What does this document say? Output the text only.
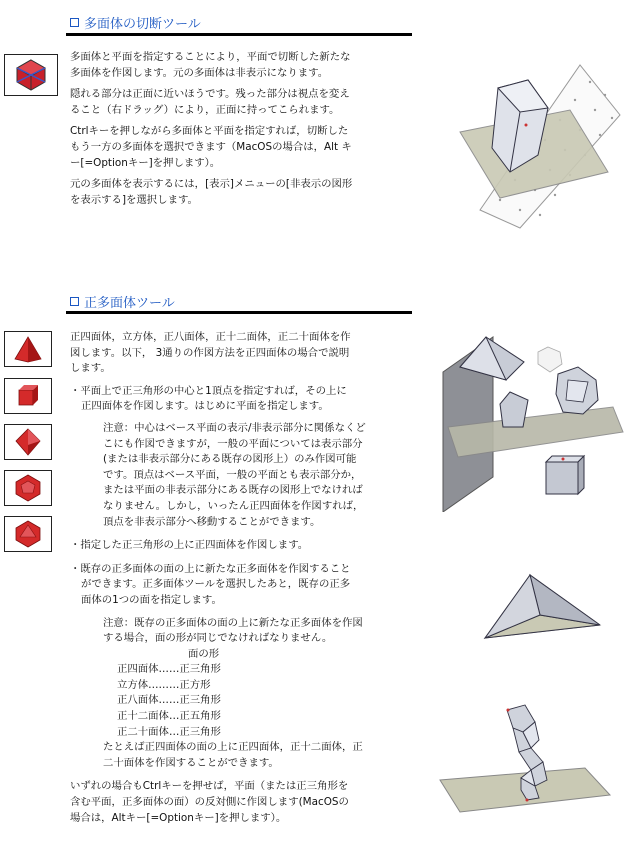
多面体の切断ツール

多面体と平面を指定することにより，平面で切断した新たな

多面体を作図します。元の多面体は非表示になります。

隠れる部分は正面に近いほうです。残った部分は視点を変え

ること（右ドラッグ）により，正面に持ってこられます。

Ctrlキーを押しながら多面体と平面を指定すれば，切断した

もう一方の多面体を選択できます（MacOSの場合は，Alt キ

ー[=Optionキー]を押します）。

元の多面体を表示するには，[表示]メニューの[非表示の図形

を表示する]を選択します。

正多面体ツール

正四面体，立方体，正八面体，正十二面体，正二十面体を作

図します。以下， 3通りの作図方法を正四面体の場合で説明

します。

・平面上で正三角形の中心と1頂点を指定すれば，その上に

正四面体を作図します。はじめに平面を指定します。

注意：中心はベース平面の表示/非表示部分に関係なくど

こにも作図できますが，一般の平面については表示部分

(または非表示部分にある既存の図形上）のみ作図可能

です。頂点はベース平面，一般の平面とも表示部分か，

または平面の非表示部分にある既存の図形上でなければ

なりません。しかし，いったん正四面体を作図すれば，

頂点を非表示部分へ移動することができます。

・指定した正三角形の上に正四面体を作図します。

・既存の正多面体の面の上に新たな正多面体を作図すること

ができます。正多面体ツールを選択したあと，既存の正多

面体の1つの面を指定します。

注意：既存の正多面体の面の上に新たな正多面体を作図

する場合，面の形が同じでなければなりません。

面の形

正四面体……正三角形

立方体………正方形

正八面体……正三角形

正十二面体…正五角形

正二十面体…正三角形

たとえば正四面体の面の上に正四面体，正十二面体，正

二十面体を作図することができます。

いずれの場合もCtrlキーを押せば，平面（または正三角形を

含む平面，正多面体の面）の反対側に作図します(MacOSの

場合は，Altキー[=Optionキー]を押します）。
